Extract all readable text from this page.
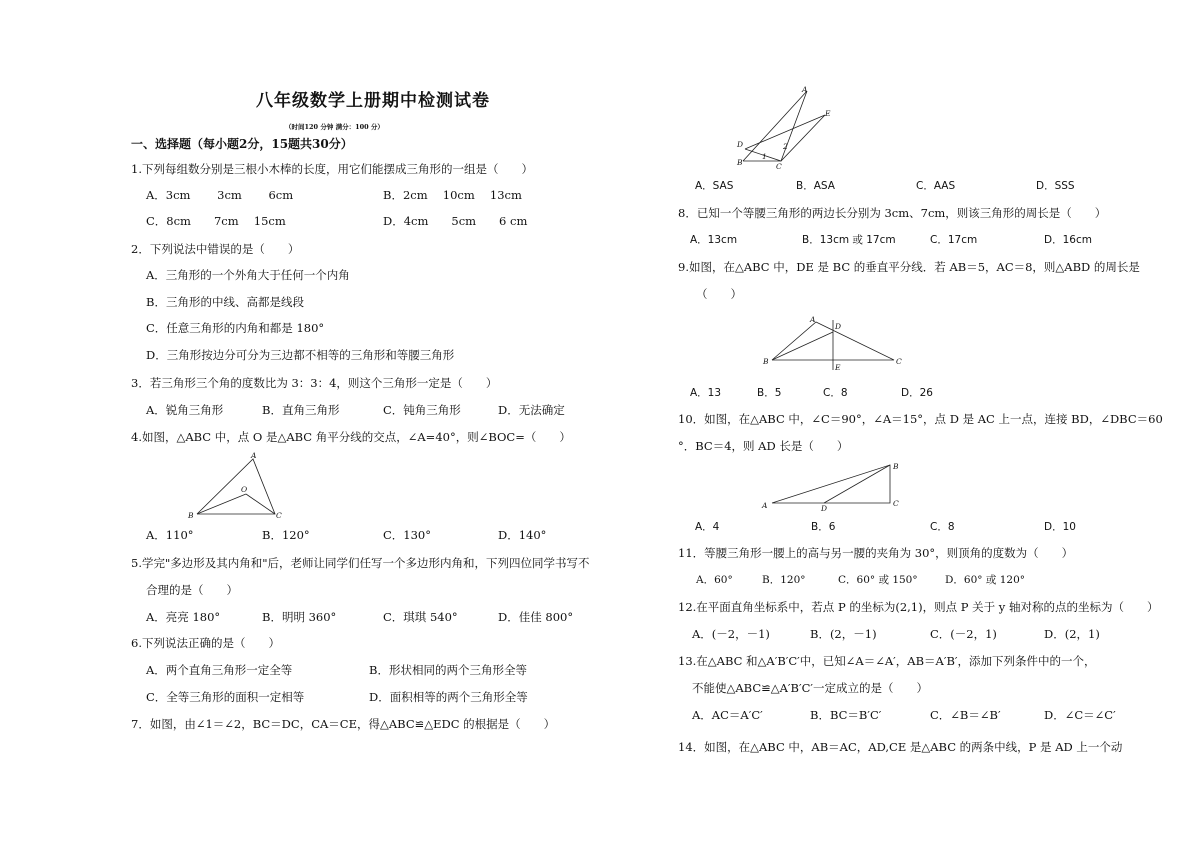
八年级数学上册期中检测试卷
（时间120 分钟 满分：100 分）
一、选择题（每小题2分，15题共30分）
1.下列每组数分别是三根小木棒的长度，用它们能摆成三角形的一组是（　　）
A．3cm　　 3cm　　 6cm	B．2cm　 10cm　 13cm
C．8cm　　7cm　 15cm	D．4cm　　5cm　　6 cm
2．下列说法中错误的是（　　）
A．三角形的一个外角大于任何一个内角
B．三角形的中线、高都是线段
C．任意三角形的内角和都是 180°
D．三角形按边分可分为三边都不相等的三角形和等腰三角形
3．若三角形三个角的度数比为 3：3：4，则这个三角形一定是（　　）
A．锐角三角形	B．直角三角形	C．钝角三角形	D．无法确定
4.如图，△ABC 中，点 O 是△ABC 角平分线的交点，∠A=40°，则∠BOC=（　　）
A
O
B	C
A．110°	B．120°	C．130°	D．140°
5.学完"多边形及其内角和"后，老师让同学们任写一个多边形内角和，下列四位同学书写不
合理的是（　　）
A．亮亮 180°	B．明明 360°	C．琪琪 540°	D．佳佳 800°
6.下列说法正确的是（　　）
A．两个直角三角形一定全等	B．形状相同的两个三角形全等
C．全等三角形的面积一定相等	D．面积相等的两个三角形全等
7．如图，由∠1＝∠2，BC＝DC，CA＝CE，得△ABC≌△EDC 的根据是（　　）
A
E
D
B	C
1
2
A．SAS	B．ASA	C．AAS	D．SSS
8．已知一个等腰三角形的两边长分别为 3cm、7cm，则该三角形的周长是（　　）
A．13cm	B．13cm 或 17cm	C．17cm	D．16cm
9.如图，在△ABC 中，DE 是 BC 的垂直平分线．若 AB＝5，AC＝8，则△ABD 的周长是
（　　）
A
D
B
E
C
A．13	B．5	C．8	D．26
10．如图，在△ABC 中，∠C＝90°，∠A＝15°，点 D 是 AC 上一点，连接 BD，∠DBC＝60
°．BC＝4，则 AD 长是（　　）
B
A	D
C
A．4	B．6	C．8	D．10
11．等腰三角形一腰上的高与另一腰的夹角为 30°，则顶角的度数为（　　）
A．60°	B．120°	C．60° 或 150°	D．60° 或 120°
12.在平面直角坐标系中，若点 P 的坐标为(2,1)，则点 P 关于 y 轴对称的点的坐标为（　　）
A．(－2，－1)	B．(2，－1)	C．(－2，1)	D．(2，1)
13.在△ABC 和△A′B′C′中，已知∠A＝∠A′，AB＝A′B′，添加下列条件中的一个，
不能使△ABC≌△A′B′C′一定成立的是（　　）
A．AC＝A′C′	B．BC＝B′C′	C．∠B＝∠B′	D．∠C＝∠C′
14．如图，在△ABC 中，AB＝AC，AD,CE 是△ABC 的两条中线，P 是 AD 上一个动
